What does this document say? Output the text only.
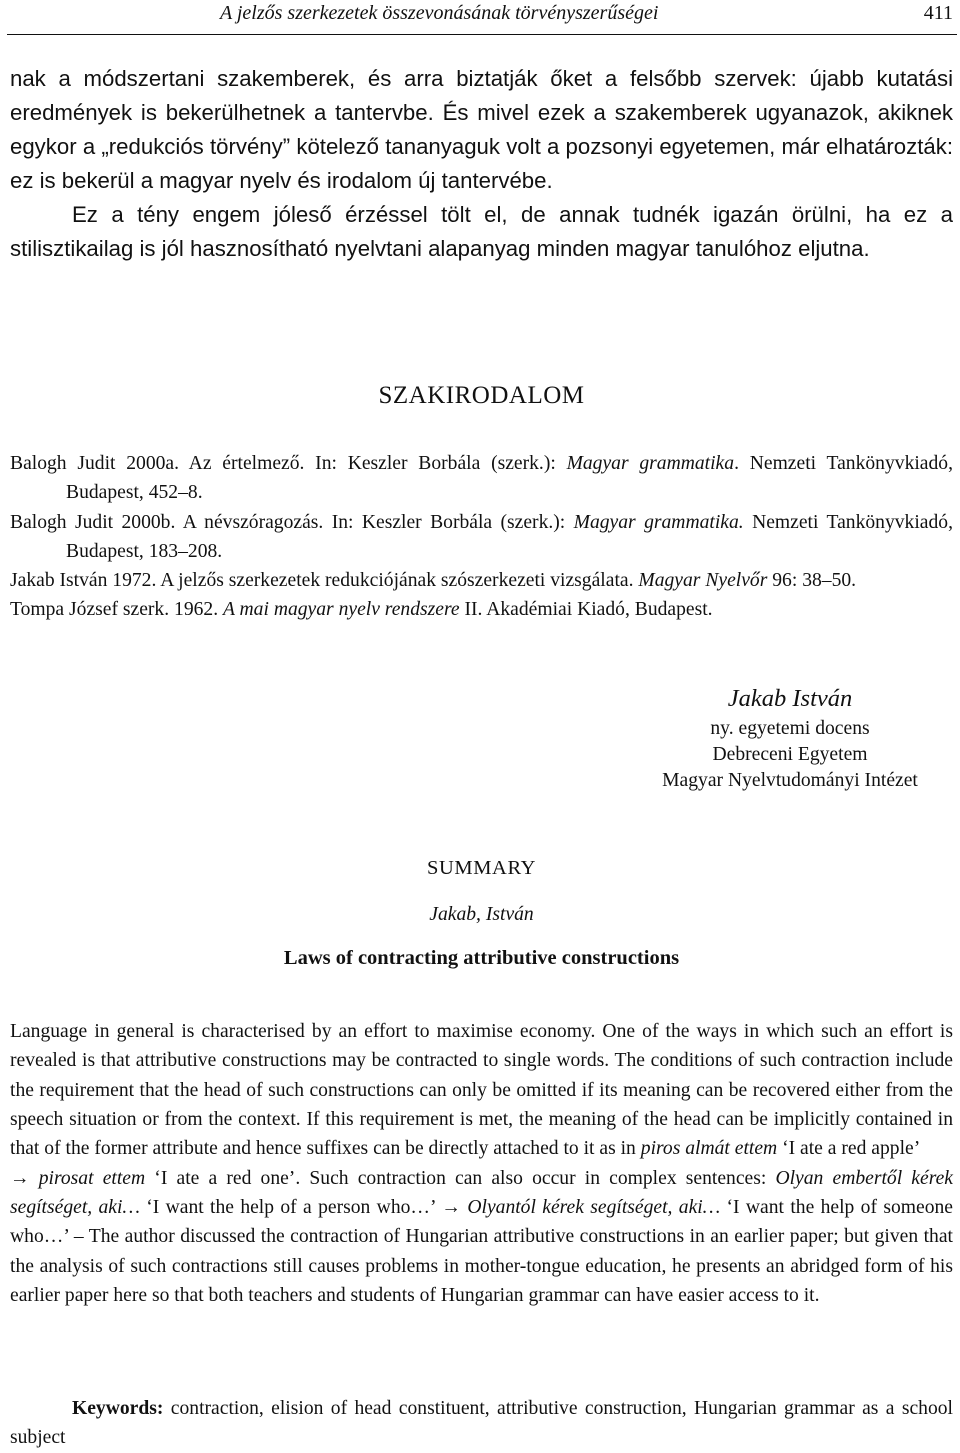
A jelzős szerkezetek összevonásának törvényszerűségei	411

nak a módszertani szakemberek, és arra biztatják őket a felsőbb szervek: újabb kutatási eredmények is bekerülhetnek a tantervbe. És mivel ezek a szakemberek ugyanazok, akiknek egykor a „redukciós törvény” kötelező tananyaguk volt a pozsonyi egyetemen, már elhatározták: ez is bekerül a magyar nyelv és irodalom új tantervébe.

Ez a tény engem jóleső érzéssel tölt el, de annak tudnék igazán örülni, ha ez a stilisztikailag is jól hasznosítható nyelvtani alapanyag minden magyar tanulóhoz eljutna.

SZAKIRODALOM
Balogh Judit 2000a. Az értelmező. In: Keszler Borbála (szerk.): Magyar grammatika. Nemzeti Tankönyvkiadó, Budapest, 452–8.
Balogh Judit 2000b. A névszóragozás. In: Keszler Borbála (szerk.): Magyar grammatika. Nemzeti Tankönyvkiadó, Budapest, 183–208.
Jakab István 1972. A jelzős szerkezetek redukciójának szószerkezeti vizsgálata. Magyar Nyelvőr 96: 38–50.
Tompa József szerk. 1962. A mai magyar nyelv rendszere II. Akadémiai Kiadó, Budapest.
Jakab István
ny. egyetemi docens
Debreceni Egyetem
Magyar Nyelvtudományi Intézet
SUMMARY
Jakab, István
Laws of contracting attributive constructions
Language in general is characterised by an effort to maximise economy. One of the ways in which such an effort is revealed is that attributive constructions may be contracted to single words. The conditions of such contraction include the requirement that the head of such constructions can only be omitted if its meaning can be recovered either from the speech situation or from the context. If this requirement is met, the meaning of the head can be implicitly contained in that of the former attribute and hence suffixes can be directly attached to it as in piros almát ettem ‘I ate a red apple’
→ pirosat ettem ‘I ate a red one’. Such contraction can also occur in complex sentences: Olyan embertől kérek segítséget, aki… ‘I want the help of a person who…’ → Olyantól kérek segítséget, aki… ‘I want the help of someone who…’ – The author discussed the contraction of Hungarian attributive constructions in an earlier paper; but given that the analysis of such contractions still causes problems in mother-tongue education, he presents an abridged form of his earlier paper here so that both teachers and students of Hungarian grammar can have easier access to it.
Keywords: contraction, elision of head constituent, attributive construction, Hungarian grammar as a school subject
